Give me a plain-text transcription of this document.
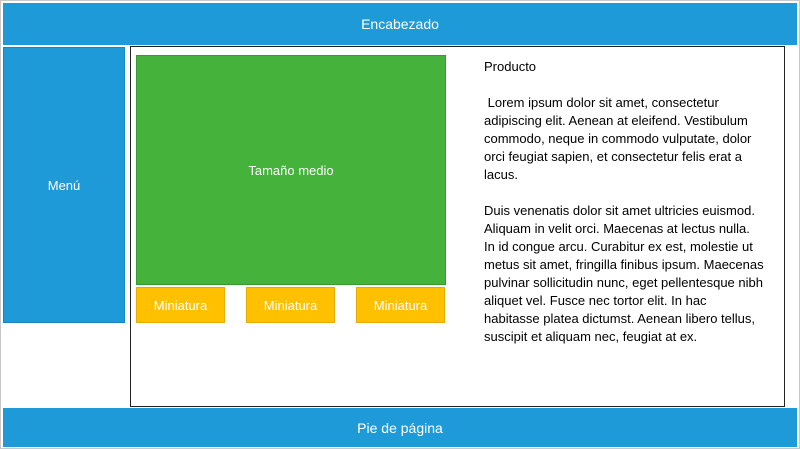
Encabezado
Menú
Tamaño medio
Miniatura	Miniatura	Miniatura

Producto

Lorem ipsum dolor sit amet, consectetur adipiscing elit. Aenean at eleifend. Vestibulum commodo, neque in commodo vulputate, dolor orci feugiat sapien, et consectetur felis erat a lacus.

Duis venenatis dolor sit amet ultricies euismod. Aliquam in velit orci. Maecenas at lectus nulla. In id congue arcu. Curabitur ex est, molestie ut metus sit amet, fringilla finibus ipsum. Maecenas pulvinar sollicitudin nunc, eget pellentesque nibh aliquet vel. Fusce nec tortor elit. In hac habitasse platea dictumst. Aenean libero tellus, suscipit et aliquam nec, feugiat at ex.

Pie de página
